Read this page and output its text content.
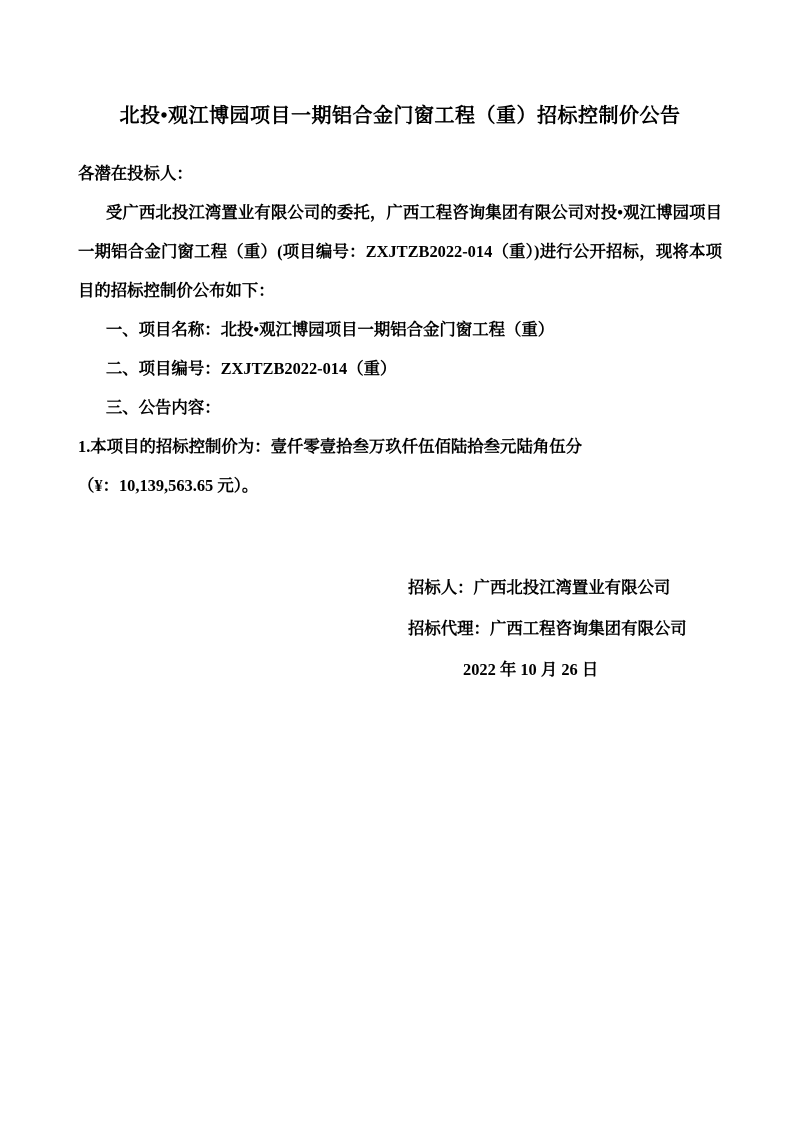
北投•观江博园项目一期铝合金门窗工程（重）招标控制价公告

各潜在投标人：

受广西北投江湾置业有限公司的委托，广西工程咨询集团有限公司对投•观江博园项目一期铝合金门窗工程（重）(项目编号：ZXJTZB2022-014（重）)进行公开招标，现将本项目的招标控制价公布如下：

一、项目名称：北投•观江博园项目一期铝合金门窗工程（重）

二、项目编号：ZXJTZB2022-014（重）

三、公告内容：

1.本项目的招标控制价为：壹仟零壹拾叁万玖仟伍佰陆拾叁元陆角伍分

（¥：10,139,563.65 元）。

招标人：广西北投江湾置业有限公司

招标代理：广西工程咨询集团有限公司

2022 年 10 月 26 日
